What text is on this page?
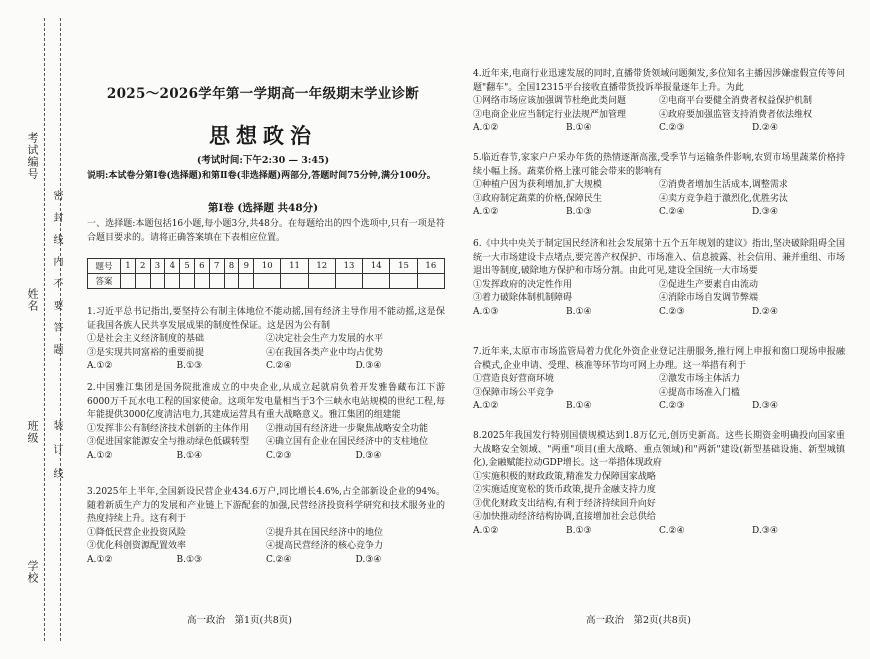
考试编号
姓名
班级
学校
密封线内不要答题
装订线
2025～2026学年第一学期高一年级期末学业诊断
思想政治
(考试时间:下午2:30 — 3:45)
说明:本试卷分第Ⅰ卷(选择题)和第Ⅱ卷(非选择题)两部分,答题时间75分钟,满分100分。
第Ⅰ卷 (选择题 共48分)

一、选择题:本题包括16小题,每小题3分,共48分。在每题给出的四个选项中,只有一项是符合题目要求的。请将正确答案填在下表相应位置。

题号	1	2	3	4	5	6	7	8	9	10	11	12	13	14	15	16
答案																

1.习近平总书记指出,要坚持公有制主体地位不能动摇,国有经济主导作用不能动摇,这是保证我国各族人民共享发展成果的制度性保证。这是因为公有制

①是社会主义经济制度的基础	②决定社会生产力发展的水平
③是实现共同富裕的重要前提	④在我国各类产业中均占优势
A.①②	B.①③	C.②④	D.③④

2.中国雅江集团是国务院批准成立的中央企业,从成立起就肩负着开发雅鲁藏布江下游6000万千瓦水电工程的国家使命。这项年发电量相当于3个三峡水电站规模的世纪工程,每年能提供3000亿度清洁电力,其建成运营具有重大战略意义。雅江集团的组建能

①发挥非公有制经济技术创新的主体作用	②推动国有经济进一步聚焦战略安全功能
③促进国家能源安全与推动绿色低碳转型	④确立国有企业在国民经济中的支柱地位
A.①②	B.①④	C.②③	D.③④

3.2025年上半年,全国新设民营企业434.6万户,同比增长4.6%,占全部新设企业的94%。随着新质生产力的发展和产业链上下游配套的加强,民营经济投资科学研究和技术服务业的热度持续上升。这有利于

①降低民营企业投资风险	②提升其在国民经济中的地位
③优化科创资源配置效率	④提高民营经济的核心竞争力
A.①②	B.①③	C.②④	D.③④
高一政治　第1页(共8页)

4.近年来,电商行业迅速发展的同时,直播带货领域问题频发,多位知名主播因涉嫌虚假宣传等问题"翻车"。全国12315平台接收直播带货投诉举报量逐年上升。为此

①网络市场应该加强调节杜绝此类问题	②电商平台要健全消费者权益保护机制
③电商企业应当制定行业法规严加管理	④政府要加强监管支持消费者依法维权
A.①②	B.①④	C.②③	D.②④

5.临近春节,家家户户采办年货的热情逐渐高涨,受季节与运输条件影响,农贸市场里蔬菜价格持续小幅上扬。蔬菜价格上涨可能会带来的影响有

①种植户因为获利增加,扩大规模	②消费者增加生活成本,调整需求
③政府制定蔬菜的价格,保障民生	④卖方竞争趋于激烈化,优胜劣汰
A.①②	B.①③	C.②④	D.③④

6.《中共中央关于制定国民经济和社会发展第十五个五年规划的建议》指出,坚决破除阻碍全国统一大市场建设卡点堵点,要完善产权保护、市场准入、信息披露、社会信用、兼并重组、市场退出等制度,破除地方保护和市场分割。由此可见,建设全国统一大市场要

①发挥政府的决定性作用	②促进生产要素自由流动
③着力破除体制机制障碍	④消除市场自发调节弊端
A.①③	B.①④	C.②③	D.②④

7.近年来,太原市市场监管局着力优化外资企业登记注册服务,推行网上申报和窗口现场申报融合模式,企业申请、受理、核准等环节均可网上办理。这一举措有利于

①营造良好营商环境	②激发市场主体活力
③保障市场公平竞争	④提高市场准入门槛
A.①②	B.①④	C.②③	D.③④

8.2025年我国发行特别国债规模达到1.8万亿元,创历史新高。这些长期资金明确投向国家重大战略安全领域、"两重"项目(重大战略、重点领域)和"两新"建设(新型基础设施、新型城镇化),金融赋能拉动GDP增长。这一举措体现政府

①实施积极的财政政策,精准发力保障国家战略

②实施适度宽松的货币政策,提升金融支持力度

③优化财政支出结构,有利于经济持续回升向好

④加快推动经济结构协调,直接增加社会总供给

A.①②	B.①③	C.②④	D.③④
高一政治　第2页(共8页)
